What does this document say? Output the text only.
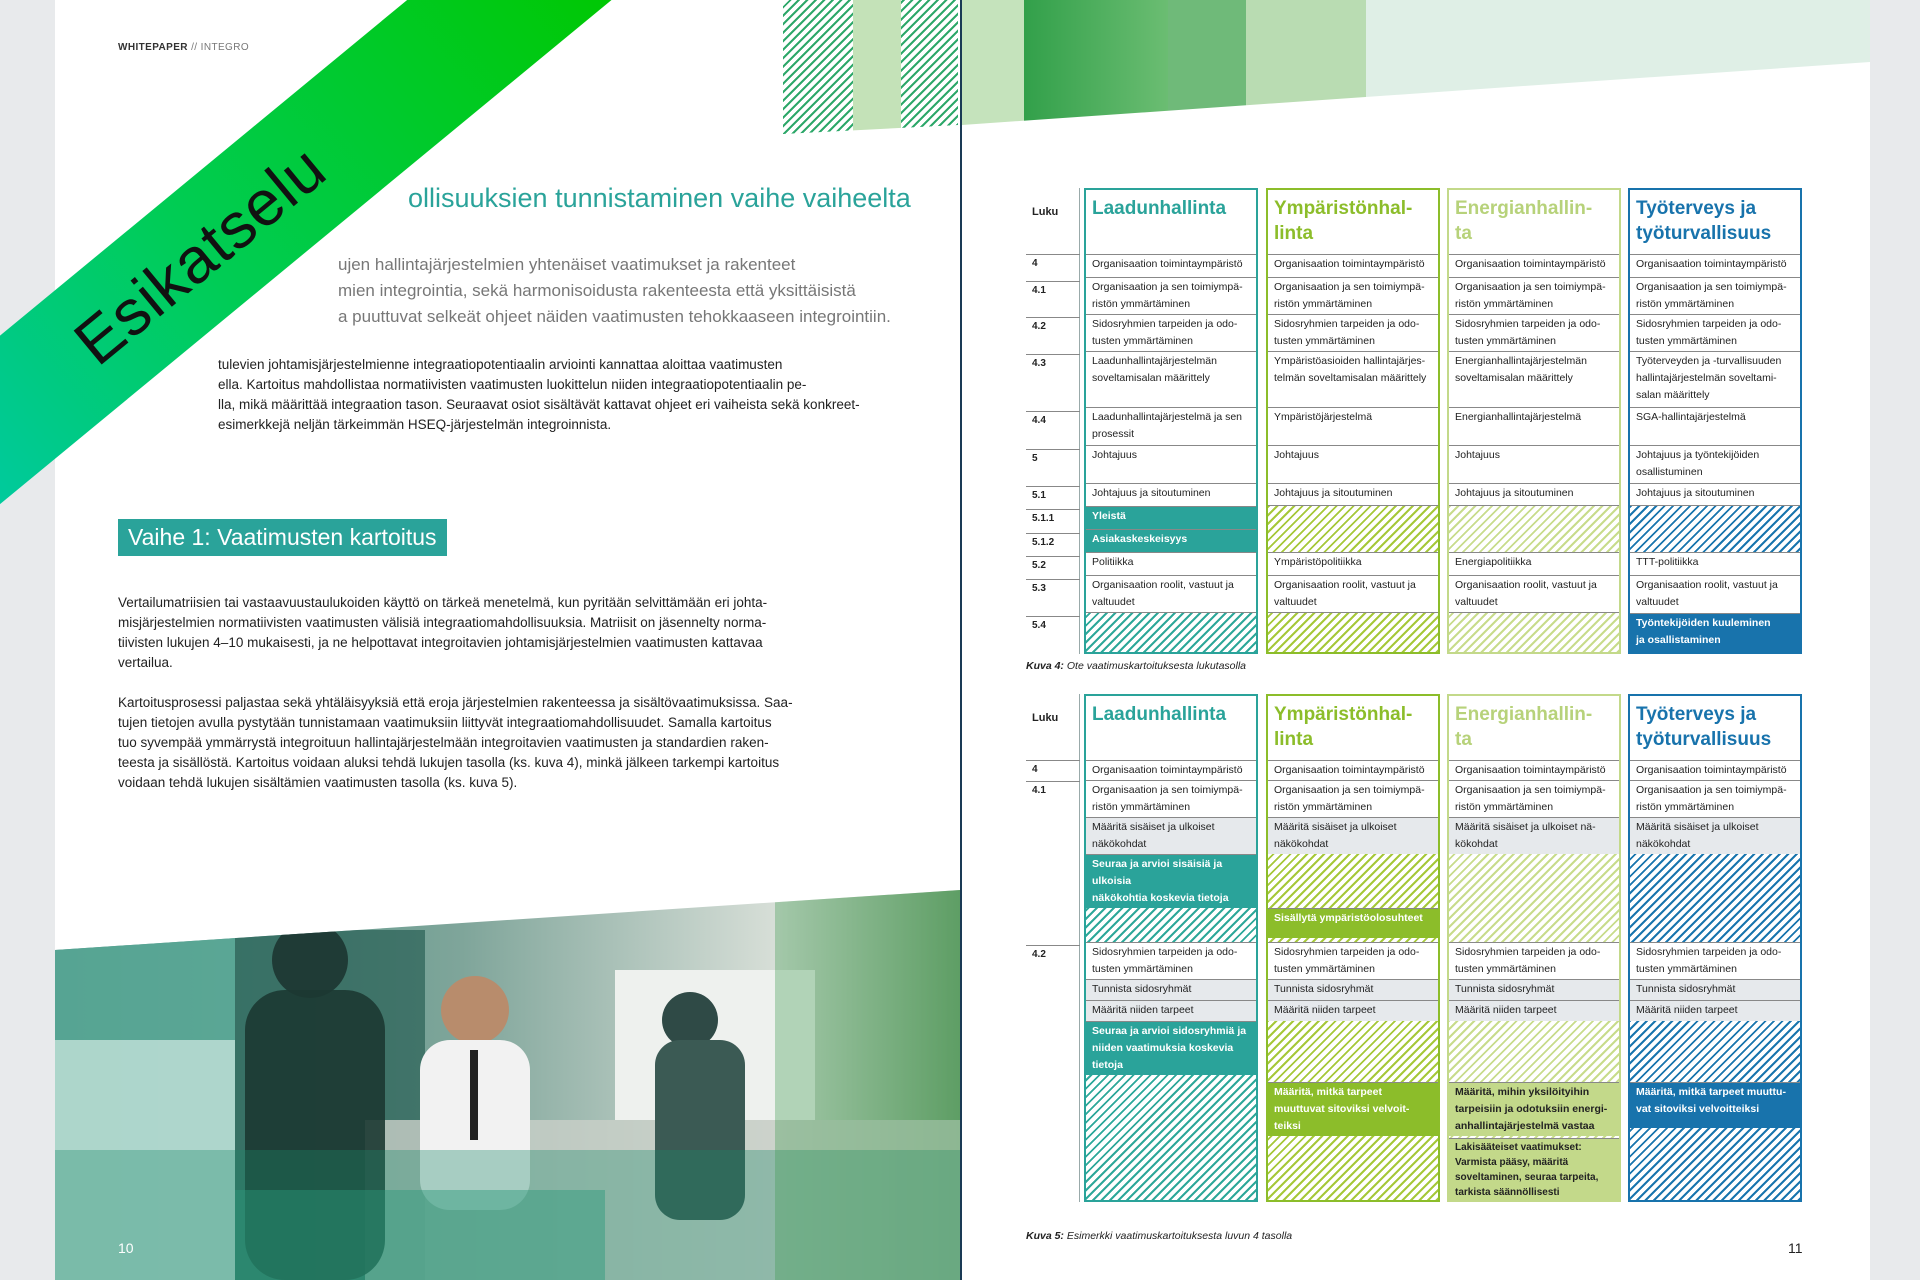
WHITEPAPER // INTEGRO
ollisuuksien tunnistaminen vaihe vaiheelta
ujen hallintajärjestelmien yhtenäiset vaatimukset ja rakenteet
mien integrointia, sekä harmonisoidusta rakenteesta että yksittäisistä
a puuttuvat selkeät ohjeet näiden vaatimusten tehokkaaseen integrointiin.
tulevien johtamisjärjestelmienne integraatiopotentiaalin arviointi kannattaa aloittaa vaatimusten
ella. Kartoitus mahdollistaa normatiivisten vaatimusten luokittelun niiden integraatiopotentiaalin pe-
lla, mikä määrittää integraation tason. Seuraavat osiot sisältävät kattavat ohjeet eri vaiheista sekä konkreet-
esimerkkejä neljän tärkeimmän HSEQ-järjestelmän integroinnista.
Vaihe 1: Vaatimusten kartoitus
Vertailumatriisien tai vastaavuustaulukoiden käyttö on tärkeä menetelmä, kun pyritään selvittämään eri johta-
misjärjestelmien normatiivisten vaatimusten välisiä integraatiomahdollisuuksia. Matriisit on jäsennelty norma-
tiivisten lukujen 4–10 mukaisesti, ja ne helpottavat integroitavien johtamisjärjestelmien vaatimusten kattavaa
vertailua.
Kartoitusprosessi paljastaa sekä yhtäläisyyksiä että eroja järjestelmien rakenteessa ja sisältövaatimuksissa. Saa-
tujen tietojen avulla pystytään tunnistamaan vaatimuksiin liittyvät integraatiomahdollisuudet. Samalla kartoitus
tuo syvempää ymmärrystä integroituun hallintajärjestelmään integroitavien vaatimusten ja standardien raken-
teesta ja sisällöstä. Kartoitus voidaan aluksi tehdä lukujen tasolla (ks. kuva 4), minkä jälkeen tarkempi kartoitus
voidaan tehdä lukujen sisältämien vaatimusten tasolla (ks. kuva 5).
10
Luku
4
4.1
4.2
4.3
4.4
5
5.1
5.1.1
5.1.2
5.2
5.3
5.4
Laadunhallinta
Organisaation toimintaympäristö
Organisaation ja sen toimiympä-
ristön ymmärtäminen
Sidosryhmien tarpeiden ja odo-
tusten ymmärtäminen
Laadunhallintajärjestelmän
soveltamisalan määrittely
Laadunhallintajärjestelmä ja sen
prosessit
Johtajuus
Johtajuus ja sitoutuminen
Yleistä
Asiakaskeskeisyys
Politiikka
Organisaation roolit, vastuut ja
valtuudet
Ympäristönhal-
linta
Organisaation toimintaympäristö
Organisaation ja sen toimiympä-
ristön ymmärtäminen
Sidosryhmien tarpeiden ja odo-
tusten ymmärtäminen
Ympäristöasioiden hallintajärjes-
telmän soveltamisalan määrittely
Ympäristöjärjestelmä
Johtajuus
Johtajuus ja sitoutuminen
Ympäristöpolitiikka
Organisaation roolit, vastuut ja
valtuudet
Energianhallin-
ta
Organisaation toimintaympäristö
Organisaation ja sen toimiympä-
ristön ymmärtäminen
Sidosryhmien tarpeiden ja odo-
tusten ymmärtäminen
Energianhallintajärjestelmän
soveltamisalan määrittely
Energianhallintajärjestelmä
Johtajuus
Johtajuus ja sitoutuminen
Energiapolitiikka
Organisaation roolit, vastuut ja
valtuudet
Työterveys ja
työturvallisuus
Organisaation toimintaympäristö
Organisaation ja sen toimiympä-
ristön ymmärtäminen
Sidosryhmien tarpeiden ja odo-
tusten ymmärtäminen
Työterveyden ja -turvallisuuden
hallintajärjestelmän soveltami-
salan määrittely
SGA-hallintajärjestelmä
Johtajuus ja työntekijöiden
osallistuminen
Johtajuus ja sitoutuminen
TTT-politiikka
Organisaation roolit, vastuut ja
valtuudet
Työntekijöiden kuuleminen
ja osallistaminen
Kuva 4: Ote vaatimuskartoituksesta lukutasolla
Luku
4
4.1
4.2
Laadunhallinta
Organisaation toimintaympäristö
Organisaation ja sen toimiympä-
ristön ymmärtäminen
Määritä sisäiset ja ulkoiset
näkökohdat
Seuraa ja arvioi sisäisiä ja
ulkoisia
näkökohtia koskevia tietoja
Sidosryhmien tarpeiden ja odo-
tusten ymmärtäminen
Tunnista sidosryhmät
Määritä niiden tarpeet
Seuraa ja arvioi sidosryhmiä ja
niiden vaatimuksia koskevia
tietoja
Ympäristönhal-
linta
Organisaation toimintaympäristö
Organisaation ja sen toimiympä-
ristön ymmärtäminen
Määritä sisäiset ja ulkoiset
näkökohdat
Sisällytä ympäristöolosuhteet
Sidosryhmien tarpeiden ja odo-
tusten ymmärtäminen
Tunnista sidosryhmät
Määritä niiden tarpeet
Määritä, mitkä tarpeet
muuttuvat sitoviksi velvoit-
teiksi
Energianhallin-
ta
Organisaation toimintaympäristö
Organisaation ja sen toimiympä-
ristön ymmärtäminen
Määritä sisäiset ja ulkoiset nä-
kökohdat
Sidosryhmien tarpeiden ja odo-
tusten ymmärtäminen
Tunnista sidosryhmät
Määritä niiden tarpeet
Määritä, mihin yksilöityihin
tarpeisiin ja odotuksiin energi-
anhallintajärjestelmä vastaa
Lakisääteiset vaatimukset:
Varmista pääsy, määritä
soveltaminen, seuraa tarpeita,
tarkista säännöllisesti
Työterveys ja
työturvallisuus
Organisaation toimintaympäristö
Organisaation ja sen toimiympä-
ristön ymmärtäminen
Määritä sisäiset ja ulkoiset
näkökohdat
Sidosryhmien tarpeiden ja odo-
tusten ymmärtäminen
Tunnista sidosryhmät
Määritä niiden tarpeet
Määritä, mitkä tarpeet muuttu-
vat sitoviksi velvoitteiksi
Kuva 5: Esimerkki vaatimuskartoituksesta luvun 4 tasolla
11
Esikatselu
